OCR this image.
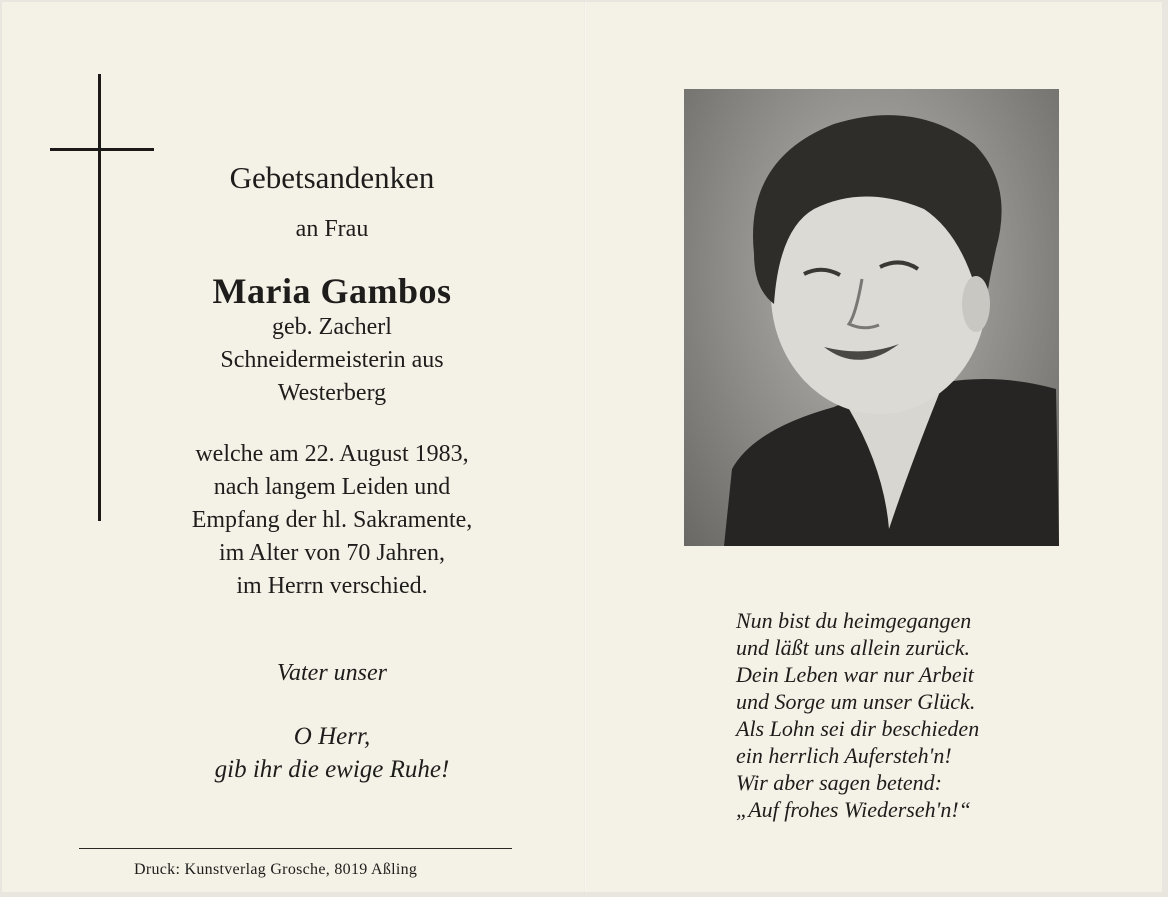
Gebetsandenken
an Frau
Maria Gambos
geb. Zacherl
Schneidermeisterin aus
Westerberg
welche am 22. August 1983,
nach langem Leiden und
Empfang der hl. Sakramente,
im Alter von 70 Jahren,
im Herrn verschied.
Vater unser
O Herr,
gib ihr die ewige Ruhe!
Druck: Kunstverlag Grosche, 8019 Aßling
Nun bist du heimgegangen
und läßt uns allein zurück.
Dein Leben war nur Arbeit
und Sorge um unser Glück.
Als Lohn sei dir beschieden
ein herrlich Aufersteh'n!
Wir aber sagen betend:
„Auf frohes Wiederseh'n!“
